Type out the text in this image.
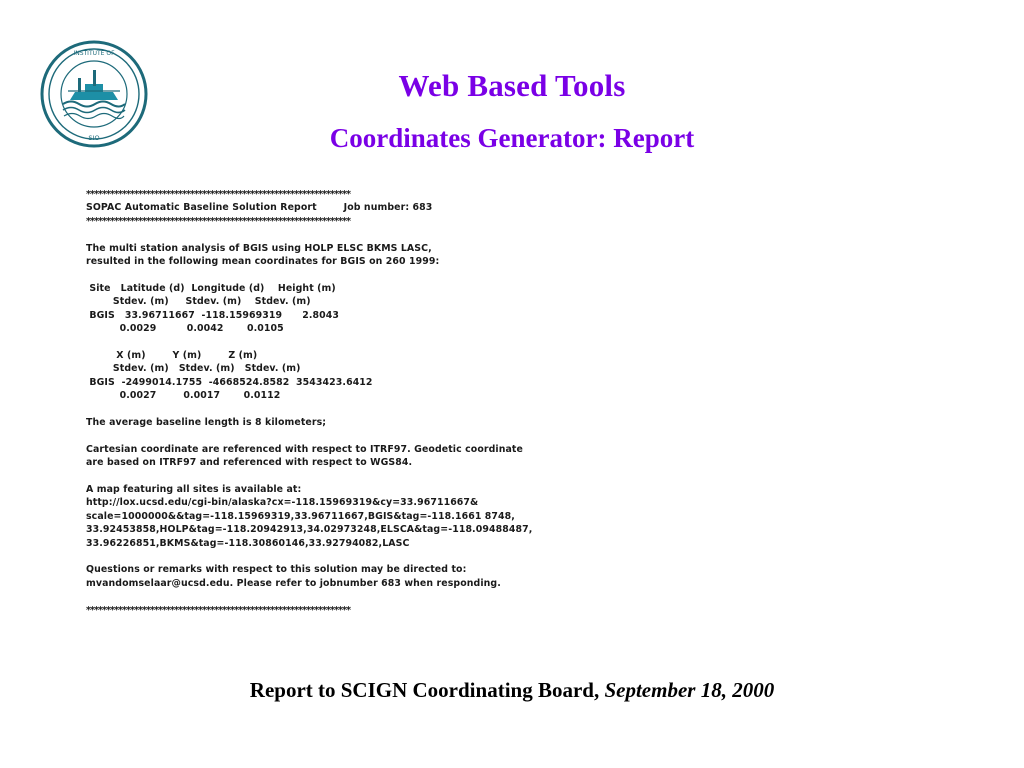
INSTITUTE OF
SIO
Web Based Tools
Coordinates Generator: Report
******************************************************************
SOPAC Automatic Baseline Solution Report        Job number: 683
******************************************************************

The multi station analysis of BGIS using HOLP ELSC BKMS LASC,
resulted in the following mean coordinates for BGIS on 260 1999:

Site   Latitude (d)  Longitude (d)    Height (m)
Stdev. (m)     Stdev. (m)    Stdev. (m)
BGIS   33.96711667  -118.15969319      2.8043
0.0029         0.0042       0.0105

X (m)        Y (m)        Z (m)
Stdev. (m)   Stdev. (m)   Stdev. (m)
BGIS  -2499014.1755  -4668524.8582  3543423.6412
0.0027        0.0017       0.0112

The average baseline length is 8 kilometers;

Cartesian coordinate are referenced with respect to ITRF97. Geodetic coordinate
are based on ITRF97 and referenced with respect to WGS84.

A map featuring all sites is available at:
http://lox.ucsd.edu/cgi-bin/alaska?cx=-118.15969319&cy=33.96711667&
scale=1000000&&tag=-118.15969319,33.96711667,BGIS&tag=-118.1661 8748,
33.92453858,HOLP&tag=-118.20942913,34.02973248,ELSCA&tag=-118.09488487,
33.96226851,BKMS&tag=-118.30860146,33.92794082,LASC

Questions or remarks with respect to this solution may be directed to:
mvandomselaar@ucsd.edu. Please refer to jobnumber 683 when responding.

******************************************************************
Report to SCIGN Coordinating Board, September 18, 2000
